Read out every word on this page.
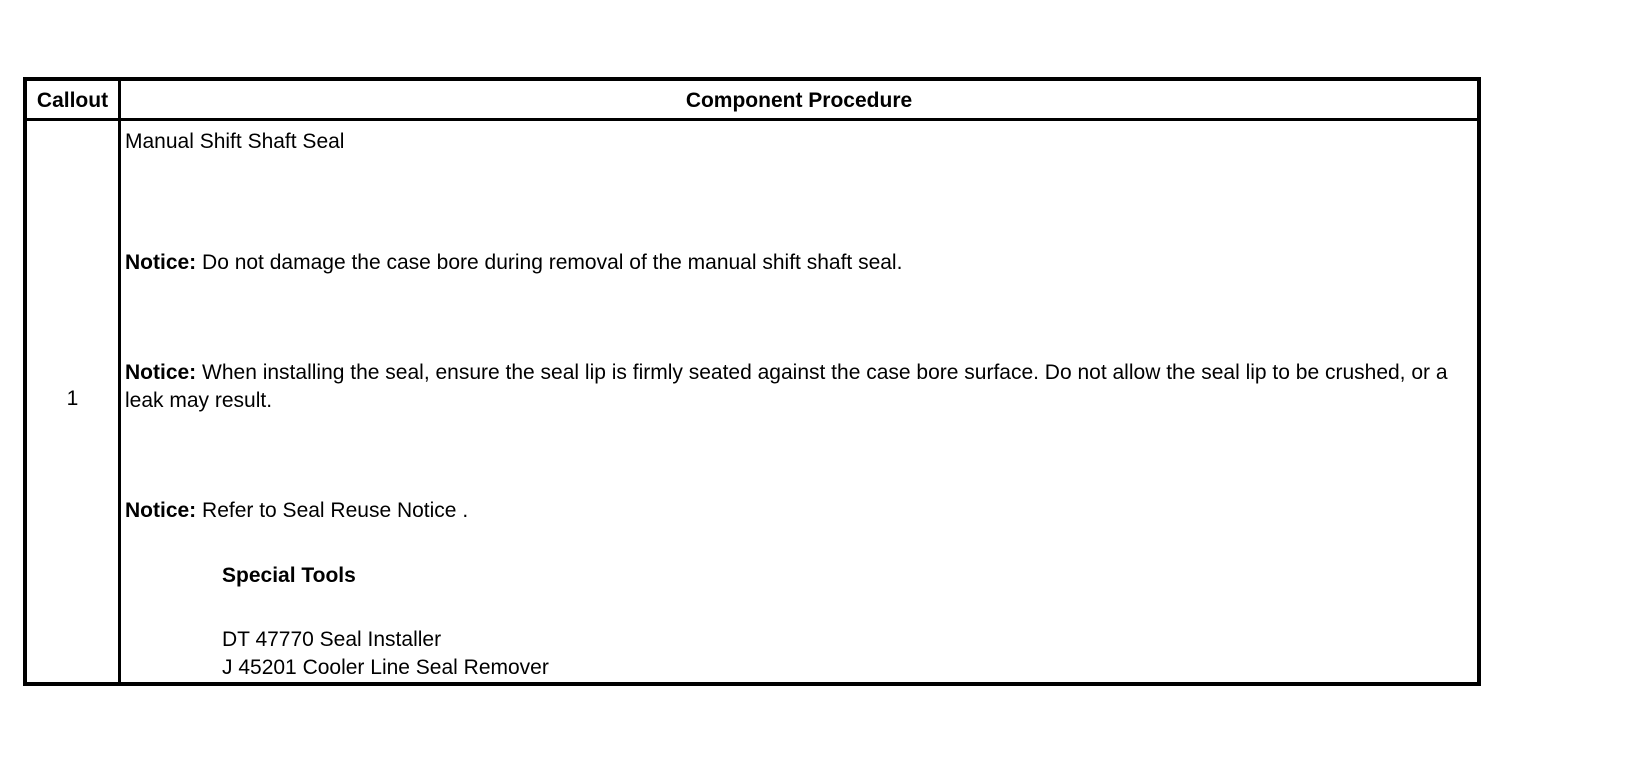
Callout	Component Procedure
1
Manual Shift Shaft Seal
Notice: Do not damage the case bore during removal of the manual shift shaft seal.
Notice: When installing the seal, ensure the seal lip is firmly seated against the case bore surface. Do not allow the seal lip to be crushed, or a leak may result.
Notice: Refer to Seal Reuse Notice .
Special Tools
DT 47770 Seal Installer
J 45201 Cooler Line Seal Remover
